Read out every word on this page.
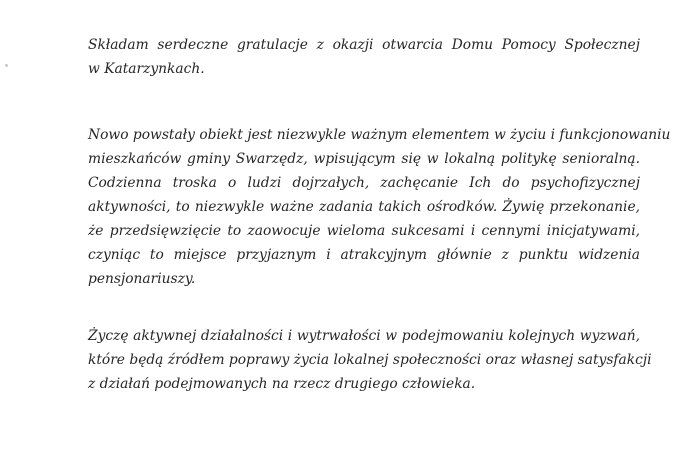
Składam serdeczne gratulacje z okazji otwarcia Domu Pomocy Społecznej
w Katarzynkach.
Nowo powstały obiekt jest niezwykle ważnym elementem w życiu i funkcjonowaniu
mieszkańców gminy Swarzędz, wpisującym się w lokalną politykę senioralną.
Codzienna troska o ludzi dojrzałych, zachęcanie Ich do psychofizycznej
aktywności, to niezwykle ważne zadania takich ośrodków. Żywię przekonanie,
że przedsięwzięcie to zaowocuje wieloma sukcesami i cennymi inicjatywami,
czyniąc to miejsce przyjaznym i atrakcyjnym głównie z punktu widzenia
pensjonariuszy.
Życzę aktywnej działalności i wytrwałości w podejmowaniu kolejnych wyzwań,
które będą źródłem poprawy życia lokalnej społeczności oraz własnej satysfakcji
z działań podejmowanych na rzecz drugiego człowieka.
